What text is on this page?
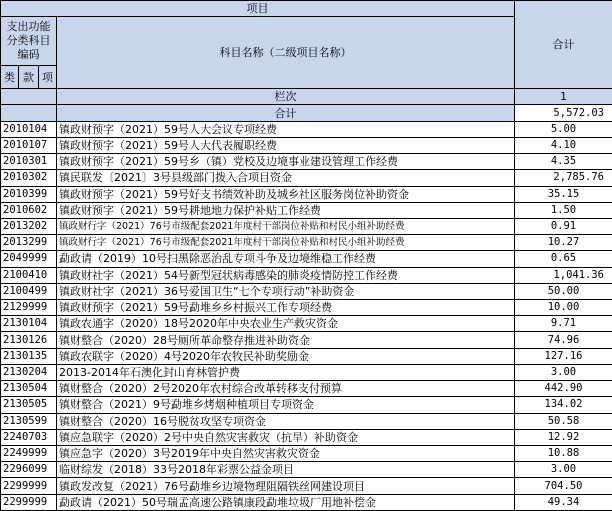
项目				合计
支出功能分类科目编码			科目名称（二级项目名称）	
类	款	项		
			栏次	1
			合计	5,572.03
2010104			镇政财预字（2021）59号人大会议专项经费	5.00
2010107			镇政财预字（2021）59号人大代表履职经费	4.10
2010301			镇政财预字（2021）59号乡（镇）党校及边境事业建设管理工作经费	4.35
2010302			镇民联发〔2021〕3号县级部门拨入合项目资金	2,785.76
2010399			镇政财预字（2021）59号好支书绩效补助及城乡社区服务岗位补助资金	35.15
2010602			镇政财预字（2021）59号耕地地力保护补贴工作经费	1.50
2013202			镇政财行字（2021）76号市级配套2021年度村干部岗位补贴和村民小组补助经费	0.91
2013299			镇政财行字（2021）76号市级配套2021年度村干部岗位补贴和村民小组补助经费	10.27
2049999			勐政请（2019）10号扫黑除恶治乱专项斗争及边境维稳工作经费	0.65
2100410			镇政财社字（2021）54号新型冠状病毒感染的肺炎疫情防控工作经费	1,041.36
2100499			镇政财社字（2021）36号爱国卫生“七个专项行动”补助资金	50.00
2129999			镇政财预字（2021）59号勐堆乡乡村振兴工作专项经费	10.00
2130104			镇政农通字（2020）18号2020年中央农业生产救灾资金	9.71
2130126			镇财整合（2020）28号厕所革命整存推进补助资金	74.96
2130135			镇政农联字（2020）4号2020年农牧民补助奖励金	127.16
2130204			2013-2014年石澳化封山育林管护费	3.00
2130504			镇财整合（2020）2号2020年农村综合改革转移支付预算	442.90
2130505			镇财整合（2021）9号勐堆乡烤烟种植项目专项资金	134.02
2130599			镇财整合（2020）16号脱贫攻坚专项资金	50.58
2240703			镇应急联字（2020）2号中央自然灾害救灾（抗旱）补助资金	12.92
2249999			镇应急字（2020）3号2019年中央自然灾害救灾资金	10.88
2296099			临财综发（2018）33号2018年彩票公益金项目	3.00
2299999			镇政发改复（2021）76号勐堆乡边境物理阻隔铁丝网建设项目	704.50
2299999			勐政请（2021）50号瑞孟高速公路镇康段勐堆垃圾厂用地补偿金	49.34
